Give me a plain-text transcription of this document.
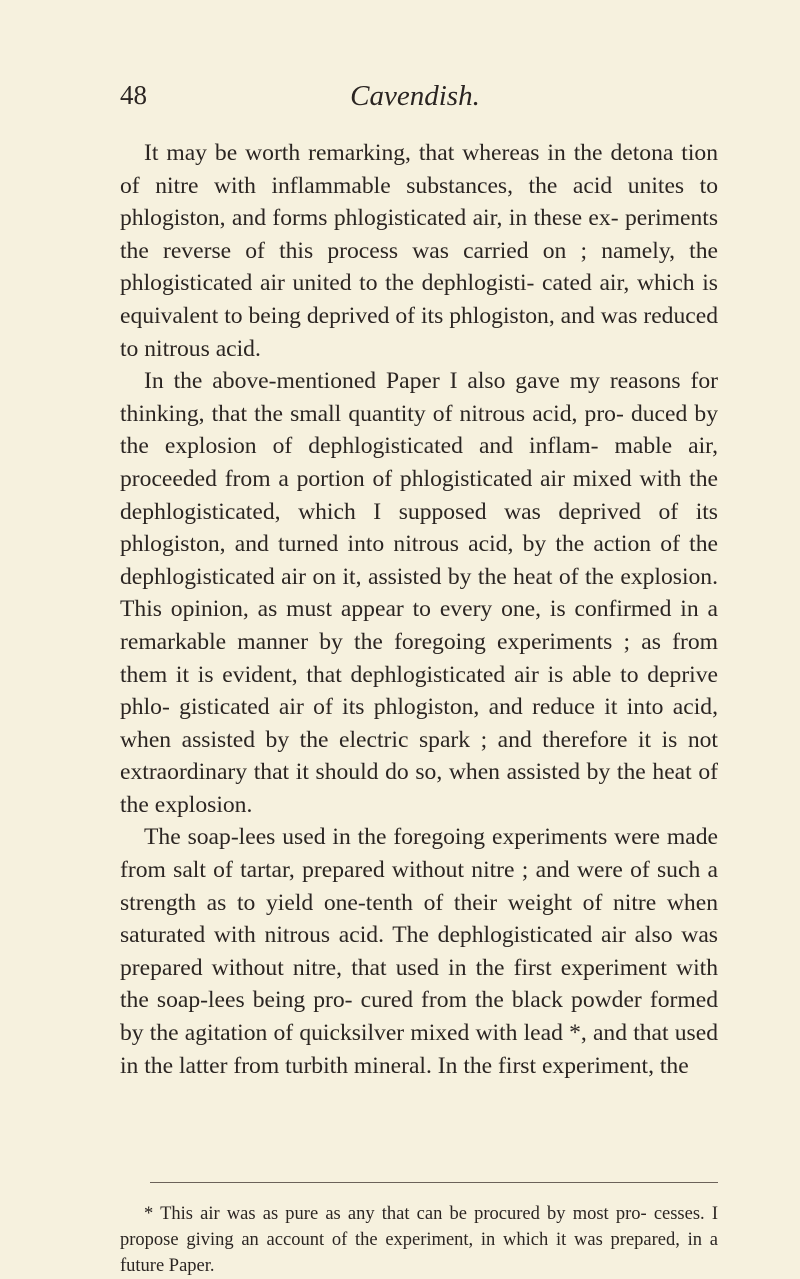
48	Cavendish.

It may be worth remarking, that whereas in the detona tion of nitre with inflammable substances, the acid unites to phlogiston, and forms phlogisticated air, in these ex- periments the reverse of this process was carried on ; namely, the phlogisticated air united to the dephlogisti- cated air, which is equivalent to being deprived of its phlogiston, and was reduced to nitrous acid.

In the above-mentioned Paper I also gave my reasons for thinking, that the small quantity of nitrous acid, pro- duced by the explosion of dephlogisticated and inflam- mable air, proceeded from a portion of phlogisticated air mixed with the dephlogisticated, which I supposed was deprived of its phlogiston, and turned into nitrous acid, by the action of the dephlogisticated air on it, assisted by the heat of the explosion. This opinion, as must appear to every one, is confirmed in a remarkable manner by the foregoing experiments ; as from them it is evident, that dephlogisticated air is able to deprive phlo- gisticated air of its phlogiston, and reduce it into acid, when assisted by the electric spark ; and therefore it is not extraordinary that it should do so, when assisted by the heat of the explosion.

The soap-lees used in the foregoing experiments were made from salt of tartar, prepared without nitre ; and were of such a strength as to yield one-tenth of their weight of nitre when saturated with nitrous acid. The dephlogisticated air also was prepared without nitre, that used in the first experiment with the soap-lees being pro- cured from the black powder formed by the agitation of quicksilver mixed with lead *, and that used in the latter from turbith mineral. In the first experiment, the

* This air was as pure as any that can be procured by most pro- cesses. I propose giving an account of the experiment, in which it was prepared, in a future Paper.
